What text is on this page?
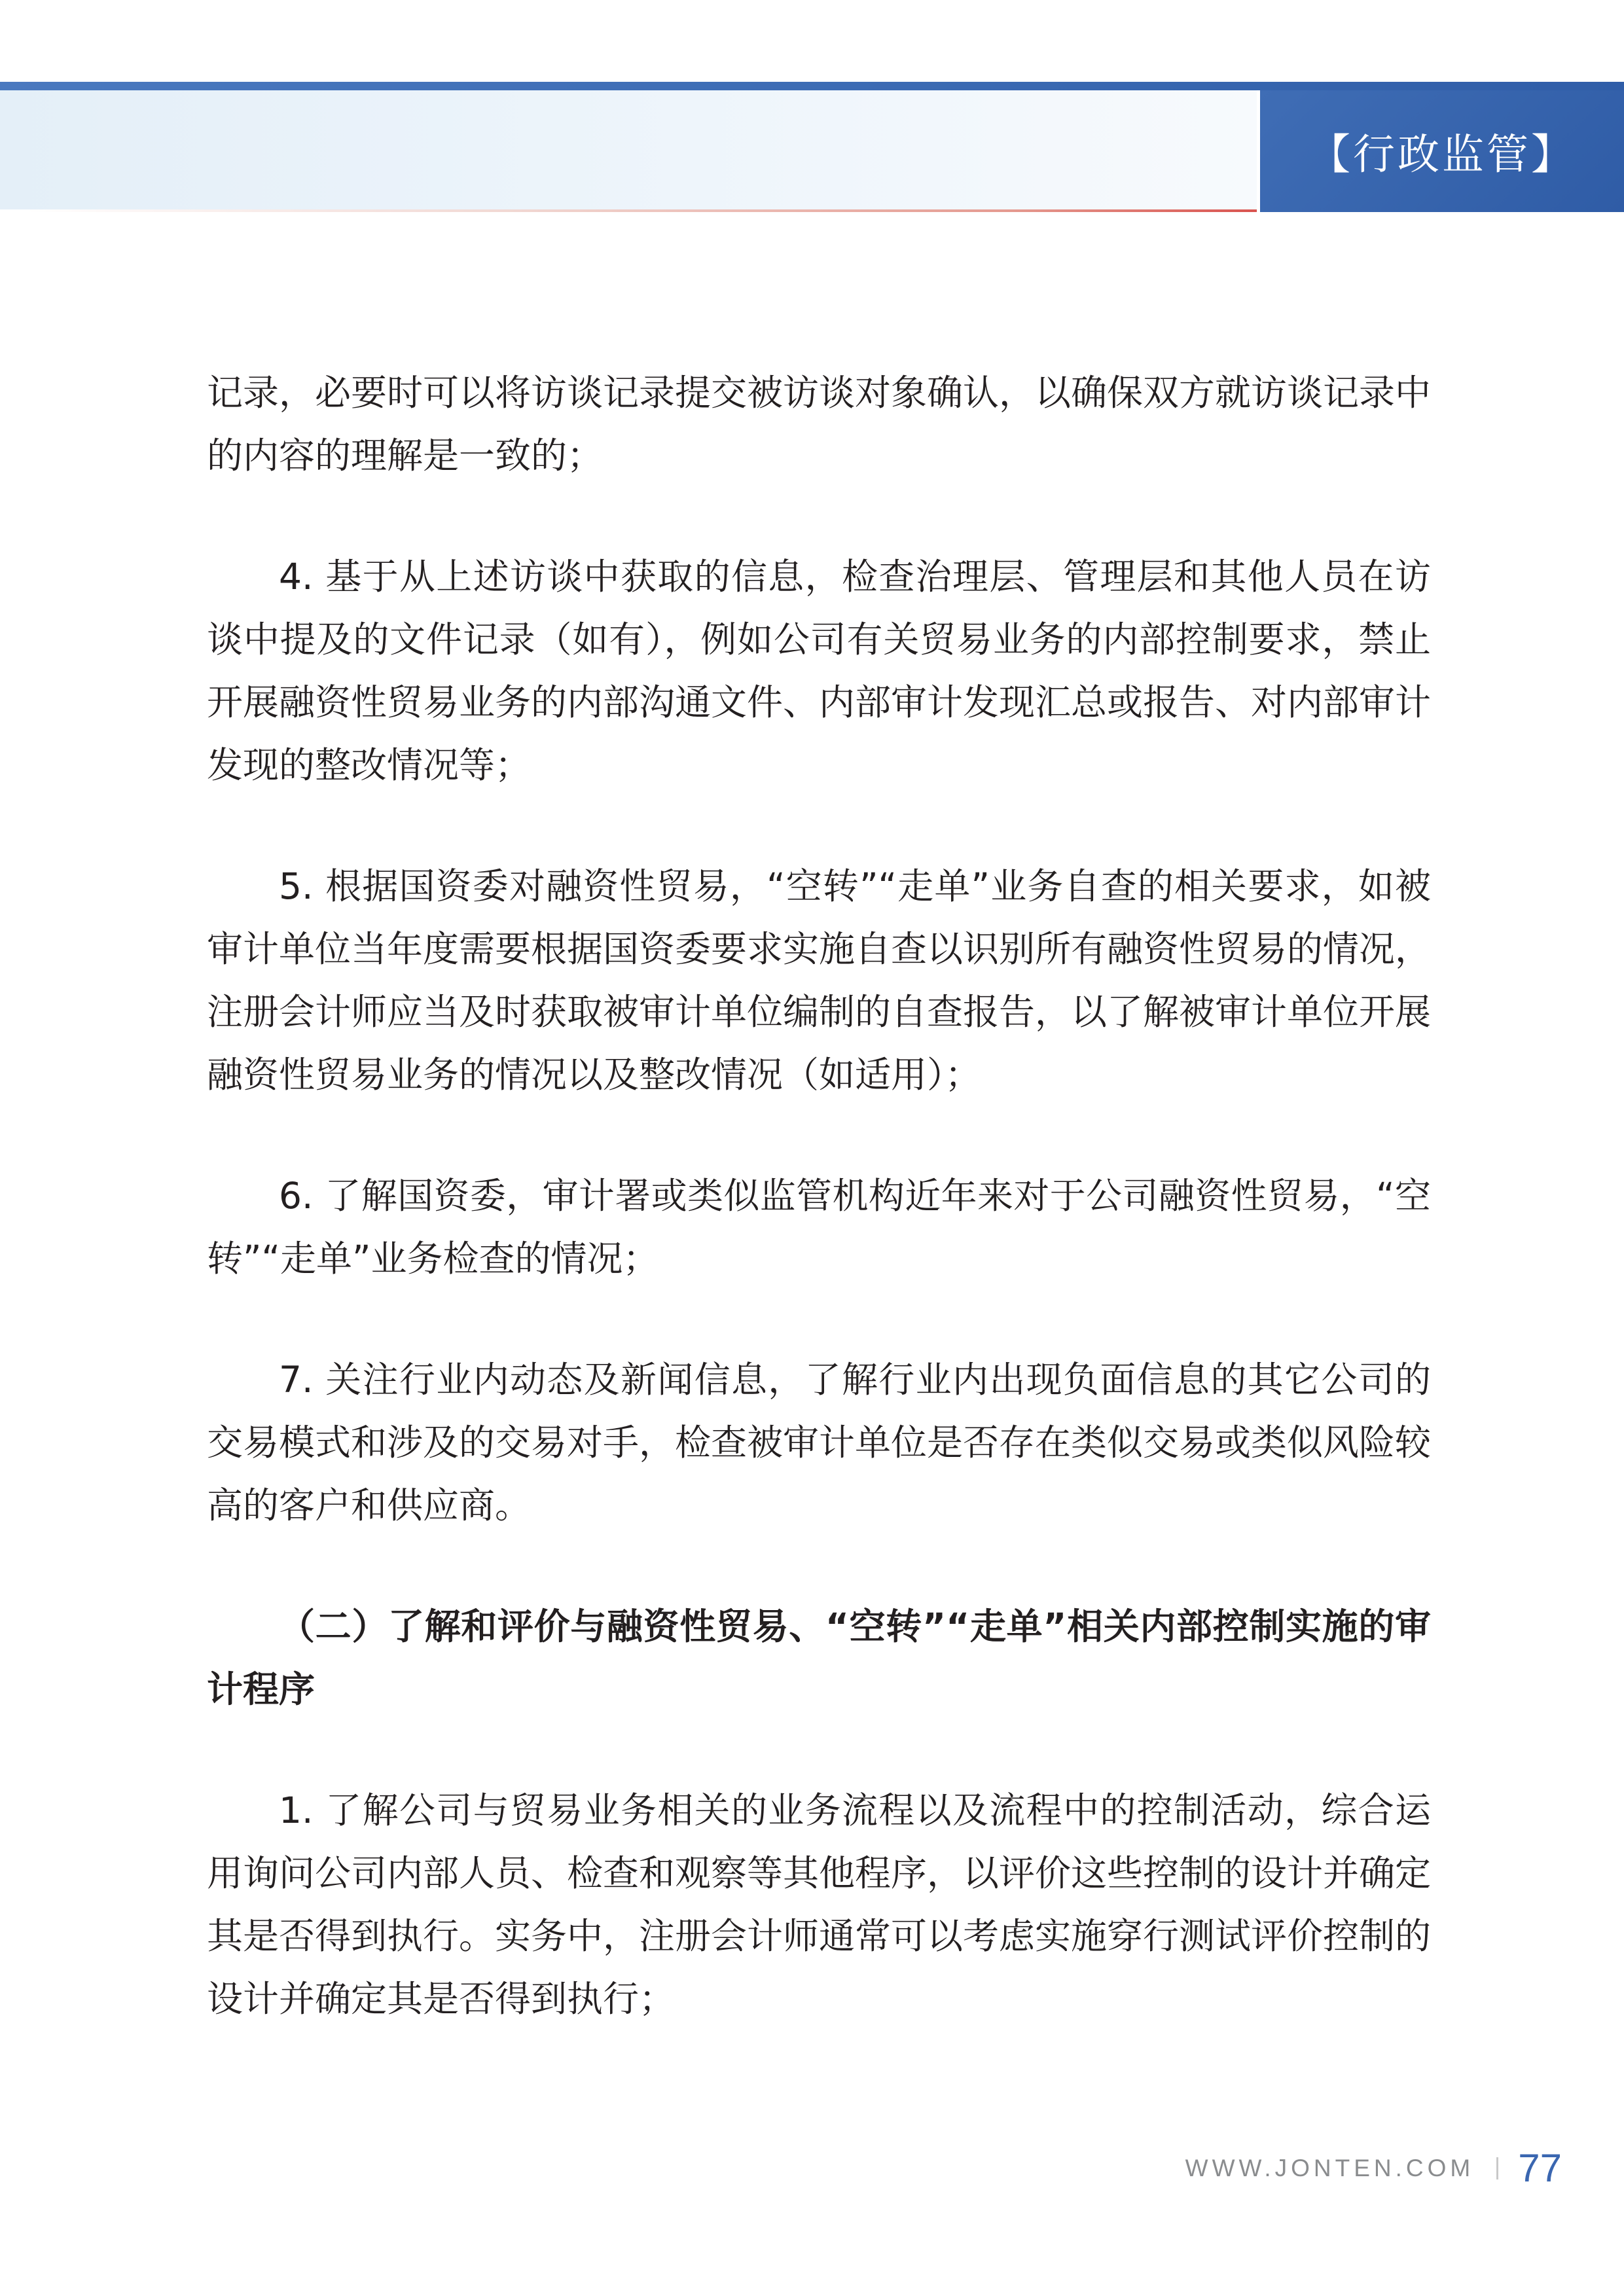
【行政监管】

记录，必要时可以将访谈记录提交被访谈对象确认，以确保双方就访谈记录中的内容的理解是一致的；

4. 基于从上述访谈中获取的信息，检查治理层、管理层和其他人员在访谈中提及的文件记录（如有），例如公司有关贸易业务的内部控制要求，禁止开展融资性贸易业务的内部沟通文件、内部审计发现汇总或报告、对内部审计发现的整改情况等；

5. 根据国资委对融资性贸易，“空转”“走单”业务自查的相关要求，如被审计单位当年度需要根据国资委要求实施自查以识别所有融资性贸易的情况，注册会计师应当及时获取被审计单位编制的自查报告，以了解被审计单位开展融资性贸易业务的情况以及整改情况（如适用）；

6. 了解国资委，审计署或类似监管机构近年来对于公司融资性贸易，“空转”“走单”业务检查的情况；

7. 关注行业内动态及新闻信息，了解行业内出现负面信息的其它公司的交易模式和涉及的交易对手，检查被审计单位是否存在类似交易或类似风险较高的客户和供应商。

（二）了解和评价与融资性贸易、“空转”“走单”相关内部控制实施的审计程序

1. 了解公司与贸易业务相关的业务流程以及流程中的控制活动，综合运用询问公司内部人员、检查和观察等其他程序，以评价这些控制的设计并确定其是否得到执行。实务中，注册会计师通常可以考虑实施穿行测试评价控制的设计并确定其是否得到执行；

WWW.JONTEN.COM 77
